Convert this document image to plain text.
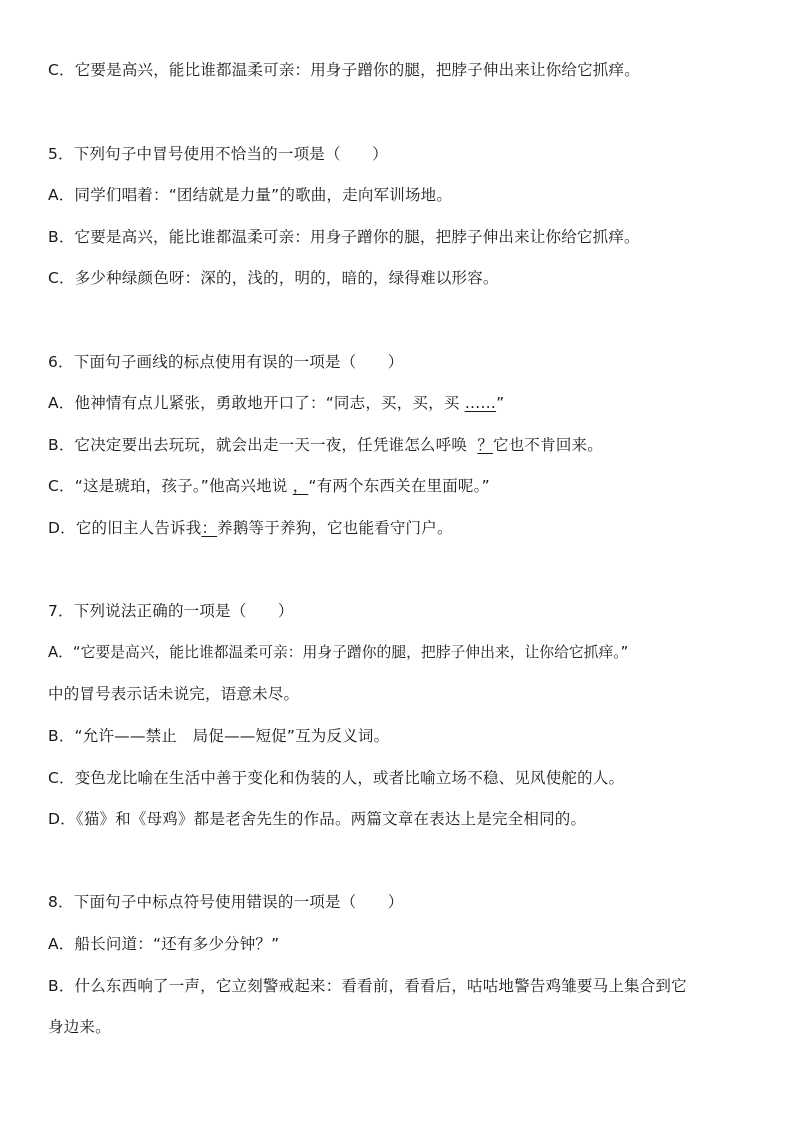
C．它要是高兴，能比谁都温柔可亲：用身子蹭你的腿，把脖子伸出来让你给它抓痒。
5．下列句子中冒号使用不恰当的一项是（　　）
A．同学们唱着：“团结就是力量”的歌曲，走向军训场地。
B．它要是高兴，能比谁都温柔可亲：用身子蹭你的腿，把脖子伸出来让你给它抓痒。
C．多少种绿颜色呀：深的，浅的，明的，暗的，绿得难以形容。
6．下面句子画线的标点使用有误的一项是（　　）
A．他神情有点儿紧张，勇敢地开口了：“同志，买，买，买 ……”
B．它决定要出去玩玩，就会出走一天一夜，任凭谁怎么呼唤 ？它也不肯回来。
C．“这是琥珀，孩子。”他高兴地说 ，“有两个东西关在里面呢。”
D．它的旧主人告诉我：养鹅等于养狗，它也能看守门户。
7．下列说法正确的一项是（　　）
A．“它要是高兴，能比谁都温柔可亲：用身子蹭你的腿，把脖子伸出来，让你给它抓痒。”
中的冒号表示话未说完，语意未尽。
B．“允许——禁止　局促——短促”互为反义词。
C．变色龙比喻在生活中善于变化和伪装的人，或者比喻立场不稳、见风使舵的人。
D．《猫》和《母鸡》都是老舍先生的作品。两篇文章在表达上是完全相同的。
8．下面句子中标点符号使用错误的一项是（　　）
A．船长问道：“还有多少分钟？”
B．什么东西响了一声，它立刻警戒起来：看看前，看看后，咕咕地警告鸡雏要马上集合到它
身边来。
